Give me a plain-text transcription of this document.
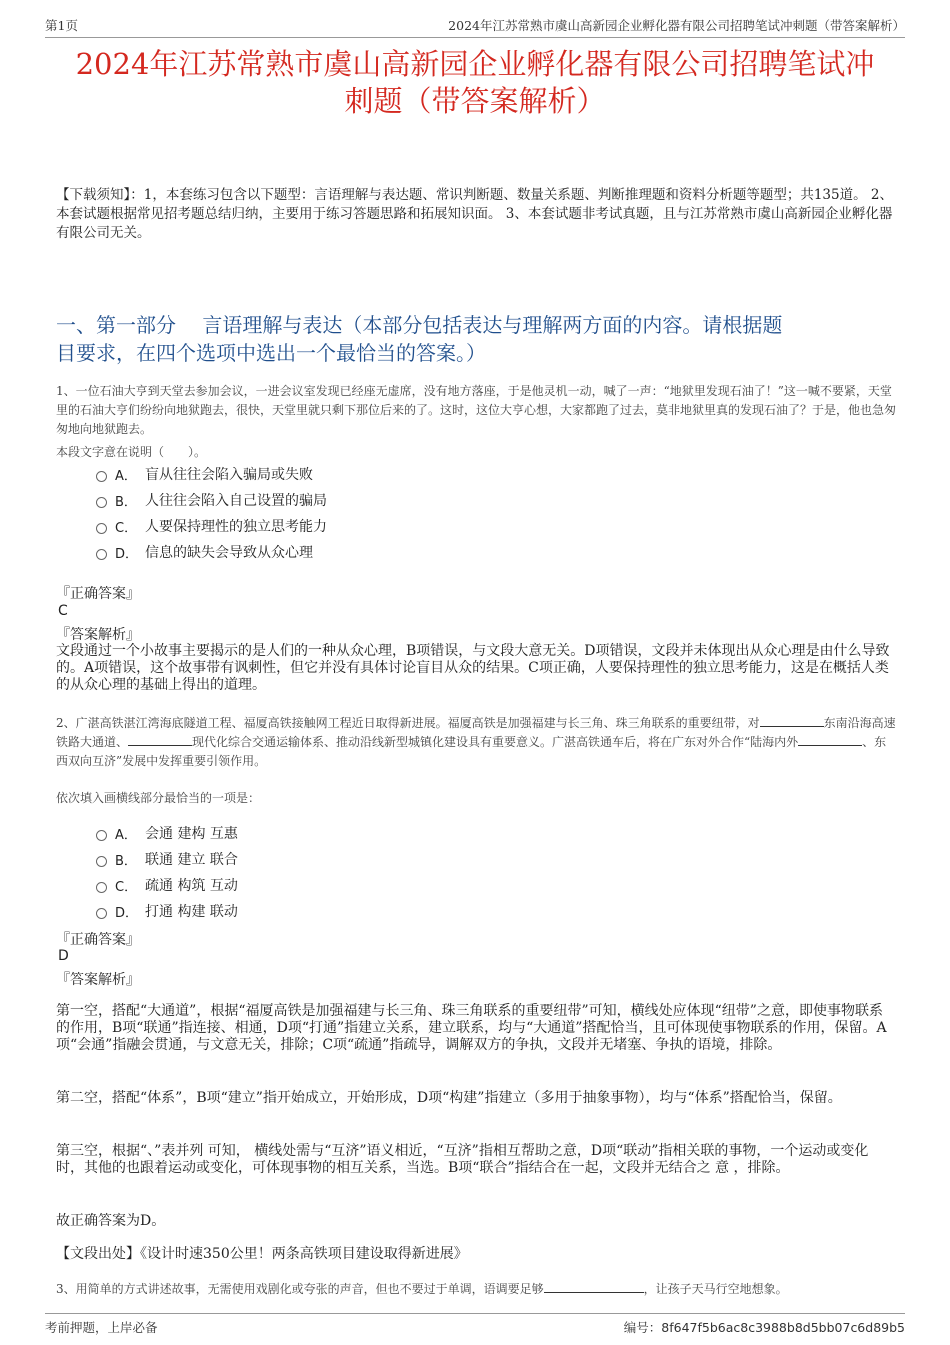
第1页	2024年江苏常熟市虞山高新园企业孵化器有限公司招聘笔试冲刺题（带答案解析）
2024年江苏常熟市虞山高新园企业孵化器有限公司招聘笔试冲
刺题（带答案解析）
【下载须知】：1，本套练习包含以下题型：言语理解与表达题、常识判断题、数量关系题、判断推理题和资料分析题等题型；共135道。 2、本套试题根据常见招考题总结归纳，主要用于练习答题思路和拓展知识面。 3、本套试题非考试真题，且与江苏常熟市虞山高新园企业孵化器有限公司无关。
一、第一部分　 言语理解与表达（本部分包括表达与理解两方面的内容。请根据题
目要求，在四个选项中选出一个最恰当的答案。）
1、一位石油大亨到天堂去参加会议，一进会议室发现已经座无虚席，没有地方落座，于是他灵机一动，喊了一声：“地狱里发现石油了！”这一喊不要紧，天堂里的石油大亨们纷纷向地狱跑去，很快，天堂里就只剩下那位后来的了。这时，这位大亨心想，大家都跑了过去，莫非地狱里真的发现石油了？于是，他也急匆匆地向地狱跑去。
本段文字意在说明（　　）。
A． 盲从往往会陷入骗局或失败
B． 人往往会陷入自己设置的骗局
C． 人要保持理性的独立思考能力
D． 信息的缺失会导致从众心理
『正确答案』
C
『答案解析』
文段通过一个小故事主要揭示的是人们的一种从众心理，B项错误，与文段大意无关。D项错误，文段并未体现出从众心理是由什么导致的。A项错误，这个故事带有讽刺性，但它并没有具体讨论盲目从众的结果。C项正确，人要保持理性的独立思考能力，这是在概括人类的从众心理的基础上得出的道理。
2、广湛高铁湛江湾海底隧道工程、福厦高铁接触网工程近日取得新进展。福厦高铁是加强福建与长三角、珠三角联系的重要纽带，对	东南沿海高速铁路大通道、	现代化综合交通运输体系、推动沿线新型城镇化建设具有重要意义。广湛高铁通车后，将在广东对外合作“陆海内外	、东西双向互济”发展中发挥重要引领作用。
依次填入画横线部分最恰当的一项是：
A． 会通 建构 互惠
B． 联通 建立 联合
C． 疏通 构筑 互动
D． 打通 构建 联动
『正确答案』
D
『答案解析』
第一空，搭配“大通道”，根据“福厦高铁是加强福建与长三角、珠三角联系的重要纽带”可知，横线处应体现“纽带”之意，即使事物联系的作用，B项“联通”指连接、相通，D项“打通”指建立关系，建立联系，均与“大通道”搭配恰当，且可体现使事物联系的作用，保留。A项“会通”指融会贯通，与文意无关，排除；C项“疏通”指疏导，调解双方的争执，文段并无堵塞、争执的语境，排除。
第二空，搭配“体系”，B项“建立”指开始成立，开始形成，D项“构建”指建立（多用于抽象事物），均与“体系”搭配恰当，保留。
第三空，根据“、”表并列 可知， 横线处需与“互济”语义相近，“互济”指相互帮助之意，D项“联动”指相关联的事物，一个运动或变化时，其他的也跟着运动或变化，可体现事物的相互关系，当选。B项“联合”指结合在一起，文段并无结合之 意 ，排除。
故正确答案为D。
【文段出处】《设计时速350公里！两条高铁项目建设取得新进展》
3、用简单的方式讲述故事，无需使用戏剧化或夸张的声音，但也不要过于单调，语调要足够	，让孩子天马行空地想象。
考前押题，上岸必备	编号：8f647f5b6ac8c3988b8d5bb07c6d89b5
